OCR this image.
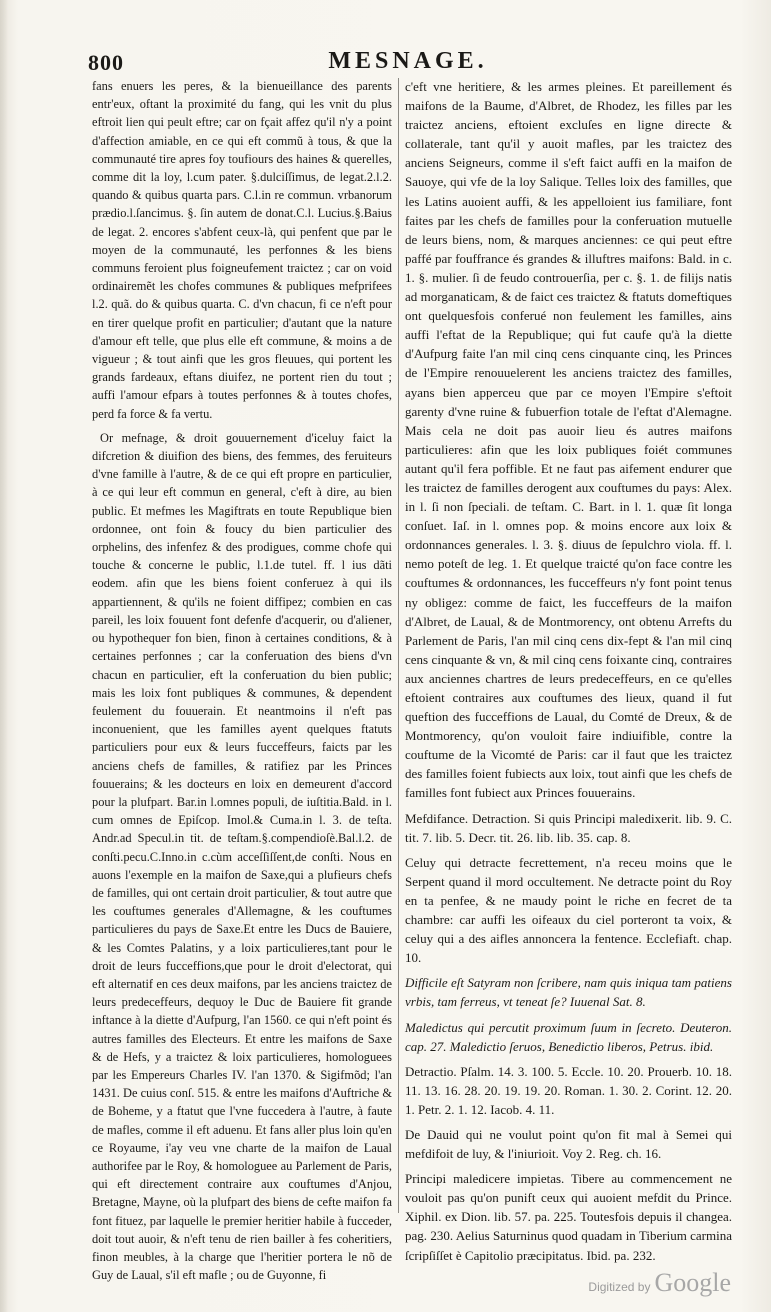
800	MESNAGE.

fans enuers les peres, & la bienueillance des parents entr'eux, oftant la proximité du fang, qui les vnit du plus eftroit lien qui peult eftre; car on fçait affez qu'il n'y a point d'affection amiable, en ce qui eft commũ à tous, & que la communauté tire apres foy toufiours des haines & querelles, comme dit la loy, l.cum pater. §.dulciſſimus, de legat.2.l.2. quando & quibus quarta pars. C.l.in re commun. vrbanorum prædio.l.ſancimus. §. ſin autem de donat.C.l. Lucius.§.Baius de legat. 2. encores s'abfent ceux-là, qui penfent que par le moyen de la communauté, les perfonnes & les biens communs feroient plus foigneufement traictez ; car on void ordinairemẽt les chofes communes & publiques mefprifees l.2. quã. do & quibus quarta. C. d'vn chacun, fi ce n'eft pour en tirer quelque profit en particulier; d'autant que la nature d'amour eft telle, que plus elle eft commune, & moins a de vigueur ; & tout ainfi que les gros fleuues, qui portent les grands fardeaux, eftans diuifez, ne portent rien du tout ; auffi l'amour efpars à toutes perfonnes & à toutes chofes, perd fa force & fa vertu.

Or mefnage, & droit gouuernement d'iceluy faict la difcretion & diuifion des biens, des femmes, des feruiteurs d'vne famille à l'autre, & de ce qui eft propre en particulier, à ce qui leur eft commun en general, c'eft à dire, au bien public. Et mefmes les Magiftrats en toute Republique bien ordonnee, ont foin & foucy du bien particulier des orphelins, des infenfez & des prodigues, comme chofe qui touche & concerne le public, l.1.de tutel. ff. l ius dãti eodem. afin que les biens foient conferuez à qui ils appartiennent, & qu'ils ne foient diffipez; combien en cas pareil, les loix fouuent font defenfe d'acquerir, ou d'aliener, ou hypothequer fon bien, finon à certaines conditions, & à certaines perfonnes ; car la conferuation des biens d'vn chacun en particulier, eft la conferuation du bien public; mais les loix font publiques & communes, & dependent feulement du fouuerain. Et neantmoins il n'eft pas inconuenient, que les familles ayent quelques ftatuts particuliers pour eux & leurs fucceffeurs, faicts par les anciens chefs de familles, & ratifiez par les Princes fouuerains; & les docteurs en loix en demeurent d'accord pour la plufpart. Bar.in l.omnes populi, de iuſtitia.Bald. in l. cum omnes de Epiſcop. Imol.& Cuma.in l. 3. de teſta. Andr.ad Specul.in tit. de teſtam.§.compendioſè.Bal.l.2. de conſti.pecu.C.Inno.in c.cùm acceſſiſſent,de conſti. Nous en auons l'exemple en la maifon de Saxe,qui a plufieurs chefs de familles, qui ont certain droit particulier, & tout autre que les couftumes generales d'Allemagne, & les couftumes particulieres du pays de Saxe.Et entre les Ducs de Bauiere, & les Comtes Palatins, y a loix particulieres,tant pour le droit de leurs fucceffions,que pour le droit d'electorat, qui eft alternatif en ces deux maifons, par les anciens traictez de leurs predeceffeurs, dequoy le Duc de Bauiere fit grande inftance à la diette d'Aufpurg, l'an 1560. ce qui n'eft point és autres familles des Electeurs. Et entre les maifons de Saxe & de Hefs, y a traictez & loix particulieres, homologuees par les Empereurs Charles IV. l'an 1370. & Sigifmõd; l'an 1431. De cuius conſ. 515. & entre les maifons d'Auftriche & de Boheme, y a ftatut que l'vne fuccedera à l'autre, à faute de mafles, comme il eft aduenu. Et fans aller plus loin qu'en ce Royaume, i'ay veu vne charte de la maifon de Laual authorifee par le Roy, & homologuee au Parlement de Paris, qui eft directement contraire aux couftumes d'Anjou, Bretagne, Mayne, où la plufpart des biens de cefte maifon fa font fituez, par laquelle le premier heritier habile à fucceder, doit tout auoir, & n'eft tenu de rien bailler à fes coheritiers, finon meubles, à la charge que l'heritier portera le nõ de Guy de Laual, s'il eft mafle ; ou de Guyonne, fi

c'eft vne heritiere, & les armes pleines. Et pareillement és maifons de la Baume, d'Albret, de Rhodez, les filles par les traictez anciens, eftoient excluſes en ligne directe & collaterale, tant qu'il y auoit mafles, par les traictez des anciens Seigneurs, comme il s'eft faict auffi en la maifon de Sauoye, qui vfe de la loy Salique. Telles loix des familles, que les Latins auoient auffi, & les appelloient ius familiare, font faites par les chefs de familles pour la conferuation mutuelle de leurs biens, nom, & marques anciennes: ce qui peut eftre paffé par fouffrance és grandes & illuftres maifons: Bald. in c. 1. §. mulier. ſi de feudo controuerſia, per c. §. 1. de filijs natis ad morganaticam, & de faict ces traictez & ftatuts domeftiques ont quelquesfois conferué non feulement les familles, ains auffi l'eftat de la Republique; qui fut caufe qu'à la diette d'Aufpurg faite l'an mil cinq cens cinquante cinq, les Princes de l'Empire renouuelerent les anciens traictez des familles, ayans bien apperceu que par ce moyen l'Empire s'eftoit garenty d'vne ruine & fubuerfion totale de l'eftat d'Alemagne. Mais cela ne doit pas auoir lieu és autres maifons particulieres: afin que les loix publiques foiét communes autant qu'il fera poffible. Et ne faut pas aifement endurer que les traictez de familles derogent aux couftumes du pays: Alex. in l. ſi non ſpeciali. de teſtam. C. Bart. in l. 1. quæ ſit longa conſuet. Iaſ. in l. omnes pop. & moins encore aux loix & ordonnances generales. l. 3. §. diuus de ſepulchro viola. ff. l. nemo poteſt de leg. 1. Et quelque traicté qu'on face contre les couftumes & ordonnances, les fucceffeurs n'y font point tenus ny obligez: comme de faict, les fucceffeurs de la maifon d'Albret, de Laual, & de Montmorency, ont obtenu Arrefts du Parlement de Paris, l'an mil cinq cens dix-fept & l'an mil cinq cens cinquante & vn, & mil cinq cens foixante cinq, contraires aux anciennes chartres de leurs predeceffeurs, en ce qu'elles eftoient contraires aux couftumes des lieux, quand il fut queftion des fucceffions de Laual, du Comté de Dreux, & de Montmorency, qu'on vouloit faire indiuifible, contre la couftume de la Vicomté de Paris: car il faut que les traictez des familles foient fubiects aux loix, tout ainfi que les chefs de familles font fubiect aux Princes fouuerains.

Mefdifance. Detraction. Si quis Principi maledixerit. lib. 9. C. tit. 7. lib. 5. Decr. tit. 26. lib. lib. 35. cap. 8.

Celuy qui detracte fecrettement, n'a receu moins que le Serpent quand il mord occultement. Ne detracte point du Roy en ta penfee, & ne maudy point le riche en fecret de ta chambre: car auffi les oifeaux du ciel porteront ta voix, & celuy qui a des aifles annoncera la fentence. Ecclefiaft. chap. 10.

Difficile eſt Satyram non ſcribere, nam quis iniqua tam patiens vrbis, tam ferreus, vt teneat ſe? Iuuenal Sat. 8.

Maledictus qui percutit proximum ſuum in ſecreto. Deuteron. cap. 27. Maledictio ſeruos, Benedictio liberos, Petrus. ibid.

Detractio. Pſalm. 14. 3. 100. 5. Eccle. 10. 20. Prouerb. 10. 18. 11. 13. 16. 28. 20. 19. 19. 20. Roman. 1. 30. 2. Corint. 12. 20. 1. Petr. 2. 1. 12. Iacob. 4. 11.

De Dauid qui ne voulut point qu'on fit mal à Semei qui mefdifoit de luy, & l'iniurioit. Voy 2. Reg. ch. 16.

Principi maledicere impietas. Tibere au commencement ne vouloit pas qu'on punift ceux qui auoient mefdit du Prince. Xiphil. ex Dion. lib. 57. pa. 225. Toutesfois depuis il changea. pag. 230. Aelius Saturninus quod quadam in Tiberium carmina ſcripſiſſet è Capitolio præcipitatus. Ibid. pa. 232.

Digitized by Google
